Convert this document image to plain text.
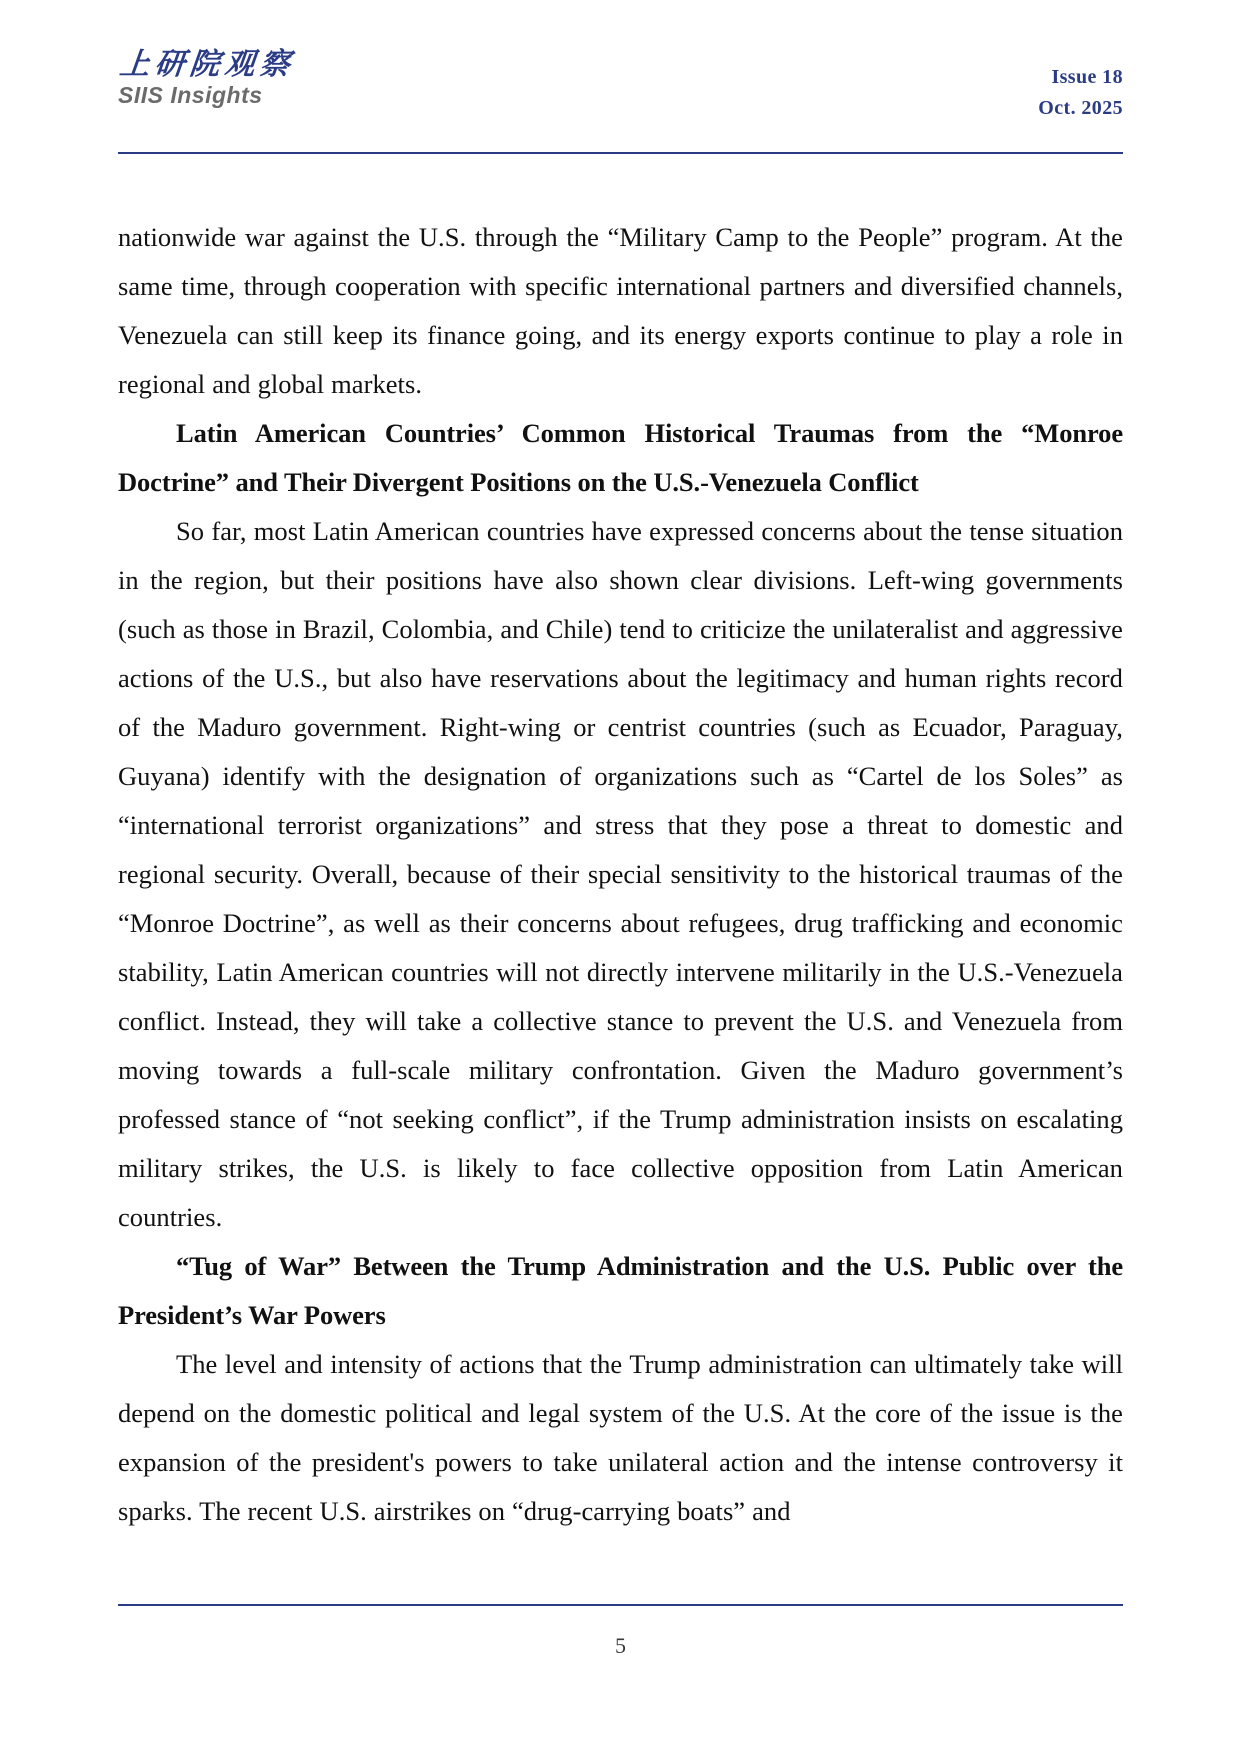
上研院观察
SIIS Insights
Issue 18
Oct. 2025

nationwide war against the U.S. through the “Military Camp to the People” program. At the same time, through cooperation with specific international partners and diversified channels, Venezuela can still keep its finance going, and its energy exports continue to play a role in regional and global markets.

Latin American Countries’ Common Historical Traumas from the “Monroe Doctrine” and Their Divergent Positions on the U.S.-Venezuela Conflict

So far, most Latin American countries have expressed concerns about the tense situation in the region, but their positions have also shown clear divisions. Left-wing governments (such as those in Brazil, Colombia, and Chile) tend to criticize the unilateralist and aggressive actions of the U.S., but also have reservations about the legitimacy and human rights record of the Maduro government. Right-wing or centrist countries (such as Ecuador, Paraguay, Guyana) identify with the designation of organizations such as “Cartel de los Soles” as “international terrorist organizations” and stress that they pose a threat to domestic and regional security. Overall, because of their special sensitivity to the historical traumas of the “Monroe Doctrine”, as well as their concerns about refugees, drug trafficking and economic stability, Latin American countries will not directly intervene militarily in the U.S.-Venezuela conflict. Instead, they will take a collective stance to prevent the U.S. and Venezuela from moving towards a full-scale military confrontation. Given the Maduro government’s professed stance of “not seeking conflict”, if the Trump administration insists on escalating military strikes, the U.S. is likely to face collective opposition from Latin American countries.

“Tug of War” Between the Trump Administration and the U.S. Public over the President’s War Powers

The level and intensity of actions that the Trump administration can ultimately take will depend on the domestic political and legal system of the U.S. At the core of the issue is the expansion of the president's powers to take unilateral action and the intense controversy it sparks. The recent U.S. airstrikes on “drug-carrying boats” and

5
